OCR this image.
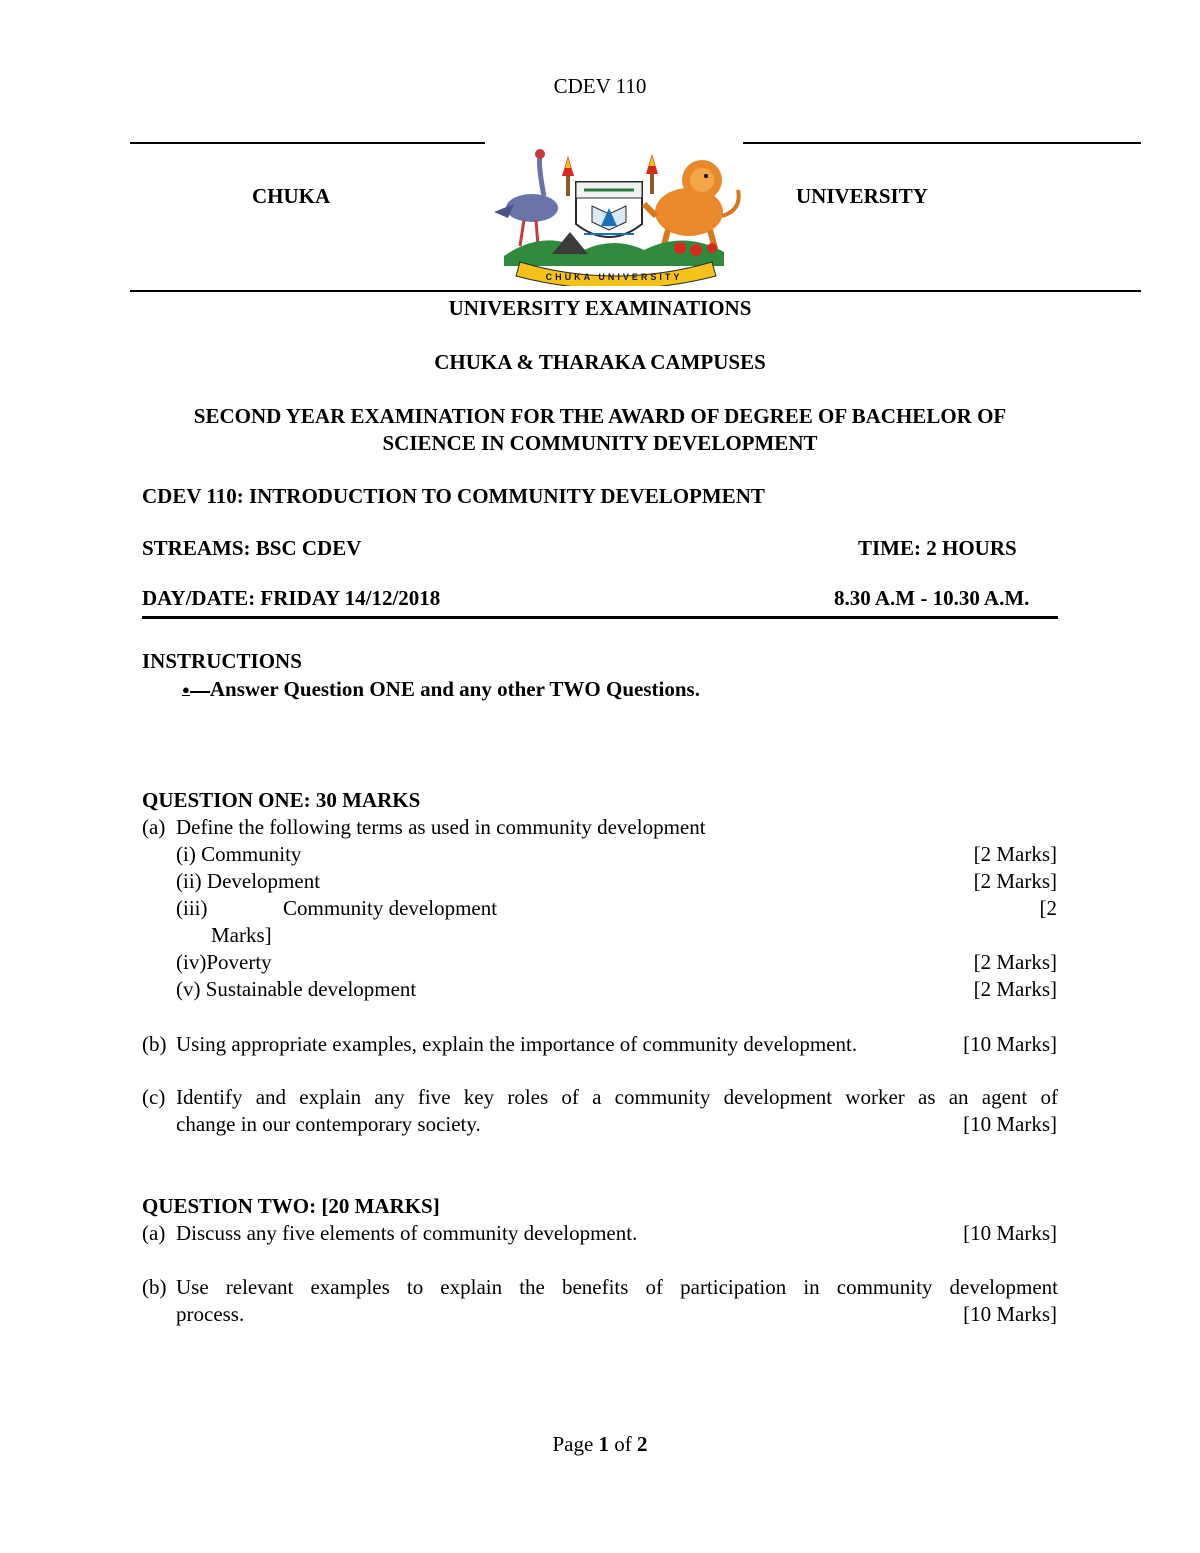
CDEV 110
CHUKA	UNIVERSITY
CHUKA UNIVERSITY
UNIVERSITY EXAMINATIONS
CHUKA & THARAKA CAMPUSES
SECOND YEAR EXAMINATION FOR THE AWARD OF DEGREE OF BACHELOR OF
SCIENCE IN COMMUNITY DEVELOPMENT
CDEV 110: INTRODUCTION TO COMMUNITY DEVELOPMENT
STREAMS: BSC CDEV	TIME: 2 HOURS
DAY/DATE: FRIDAY 14/12/2018	8.30 A.M - 10.30 A.M.
INSTRUCTIONS
● Answer Question ONE and any other TWO Questions.
QUESTION ONE: 30 MARKS
(a) Define the following terms as used in community development
(i) Community	[2 Marks]
(ii) Development	[2 Marks]
(iii)	Community development	[2
Marks]
(iv)Poverty	[2 Marks]
(v) Sustainable development	[2 Marks]
(b) Using appropriate examples, explain the importance of community development.	[10 Marks]
(c) Identify and explain any five key roles of a community development worker as an agent of
change in our contemporary society.	[10 Marks]
QUESTION TWO: [20 MARKS]
(a) Discuss any five elements of community development.	[10 Marks]
(b) Use relevant examples to explain the benefits of participation in community development
process.	[10 Marks]
Page 1 of 2
